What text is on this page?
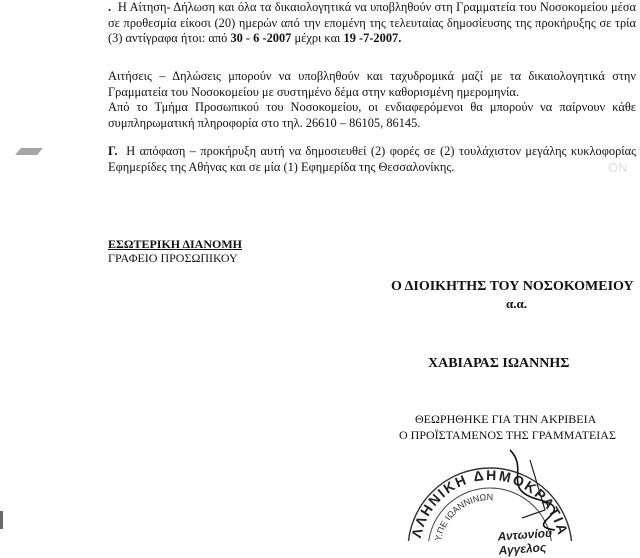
. Η Αίτηση- Δήλωση και όλα τα δικαιολογητικά να υποβληθούν στη Γραμματεία του Νοσοκομείου μέσα σε προθεσμία είκοσι (20) ημερών από την επομένη της τελευταίας δημοσίευσης της προκήρυξης σε τρία (3) αντίγραφα ήτοι: από 30 - 6 -2007 μέχρι και 19 -7-2007.
Αιτήσεις – Δηλώσεις μπορούν να υποβληθούν και ταχυδρομικά μαζί με τα δικαιολογητικά στην Γραμματεία του Νοσοκομείου με συστημένο δέμα στην καθορισμένη ημερομηνία.
Από το Τμήμα Προσωπικού του Νοσοκομείου, οι ενδιαφερόμενοι θα μπορούν να παίρνουν κάθε συμπληρωματική πληροφορία στο τηλ. 26610 – 86105, 86145.
ON
Γ. Η απόφαση – προκήρυξη αυτή να δημοσιευθεί (2) φορές σε (2) τουλάχιστον μεγάλης κυκλοφορίας Εφημερίδες της Αθήνας και σε μία (1) Εφημερίδα της Θεσσαλονίκης.
ΕΣΩΤΕΡΙΚΗ ΔΙΑΝΟΜΗ
ΓΡΑΦΕΙΟ ΠΡΟΣΩΠΙΚΟΥ
Ο ΔΙΟΙΚΗΤΗΣ ΤΟΥ ΝΟΣΟΚΟΜΕΙΟΥ
α.α.
ΧΑΒΙΑΡΑΣ ΙΩΑΝΝΗΣ
ΘΕΩΡΗΘΗΚΕ ΓΙΑ ΤΗΝ ΑΚΡΙΒΕΙΑ
Ο ΠΡΟΪΣΤΑΜΕΝΟΣ ΤΗΣ ΓΡΑΜΜΑΤΕΙΑΣ
ΛΛΗΝΙΚΗ ΔΗΜΟΚΡΑΤΙΑ
Υ.ΠΕ ΙΩΑΝΝΙΝΩΝ
Αντωνίου Αγγελος
